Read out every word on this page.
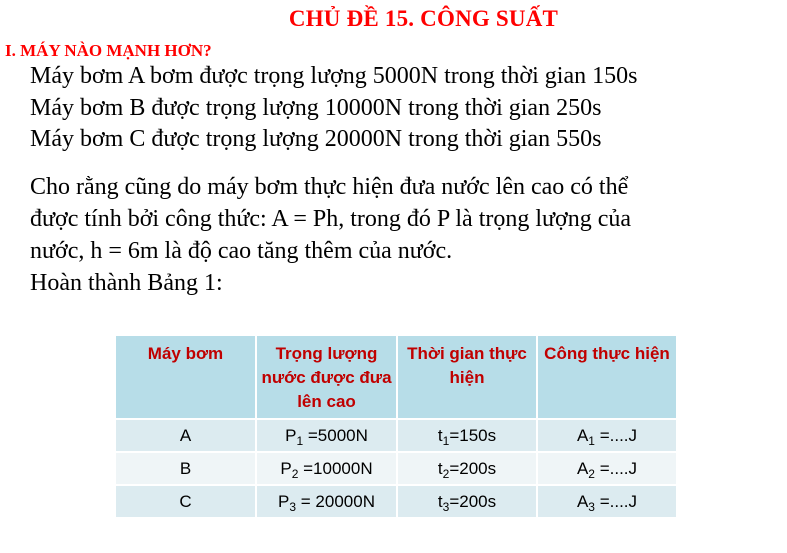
CHỦ ĐỀ 15. CÔNG SUẤT
I. MÁY NÀO MẠNH HƠN?
Máy bơm A bơm được trọng lượng 5000N trong thời gian 150s
Máy bơm B được trọng lượng 10000N trong thời gian 250s
Máy bơm C được trọng lượng 20000N trong thời gian 550s
Cho rằng cũng do máy bơm thực hiện đưa nước lên cao có thể
được tính bởi công thức: A = Ph, trong đó P là trọng lượng của
nước, h = 6m là độ cao tăng thêm của nước.
Hoàn thành Bảng 1:
Máy bơm	Trọng lượng nước được đưa lên cao	Thời gian thực hiện	Công thực hiện
A	$P_1 =5000N$	$t_1=150s$	$A_1 =....J$
B	$P_2 =10000N$	$t_2=200s$	$A_2 =....J$
C	$P_3 = 20000N$	$t_3=200s$	$A_3 =....J$
